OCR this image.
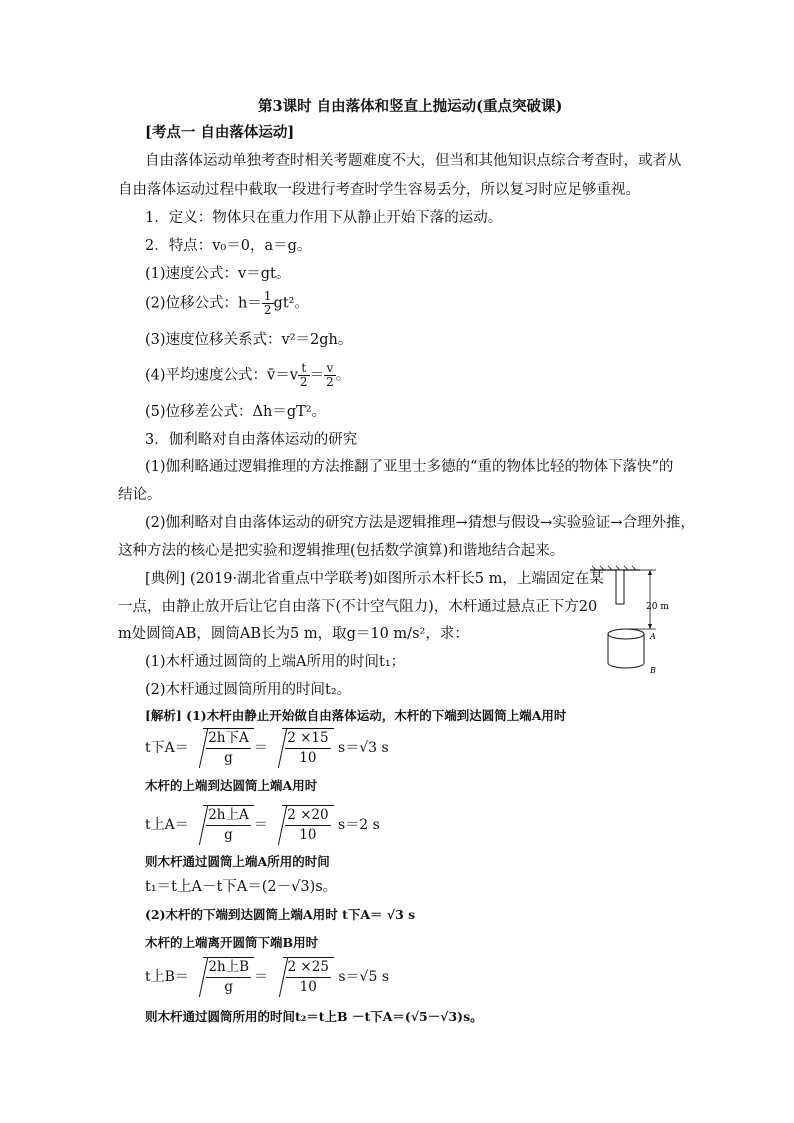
第3课时 自由落体和竖直上抛运动(重点突破课)
[考点一 自由落体运动]
自由落体运动单独考查时相关考题难度不大，但当和其他知识点综合考查时，或者从
自由落体运动过程中截取一段进行考查时学生容易丢分，所以复习时应足够重视。
1．定义：物体只在重力作用下从静止开始下落的运动。
2．特点：v₀＝0，a＝g。
(1)速度公式：v＝gt。
(2)位移公式：$h= \frac{1}{2} gt^2$。
(3)速度位移关系式：v²＝2gh。
(4)平均速度公式：v̄＝v $\frac{t}{2} = \frac{v}{2}$ 。
(5)位移差公式：Δh＝gT²。
3．伽利略对自由落体运动的研究
(1)伽利略通过逻辑推理的方法推翻了亚里士多德的“重的物体比轻的物体下落快”的
结论。
(2)伽利略对自由落体运动的研究方法是逻辑推理→猜想与假设→实验验证→合理外推，
这种方法的核心是把实验和逻辑推理(包括数学演算)和谐地结合起来。
[典例] (2019·湖北省重点中学联考)如图所示木杆长5 m，上端固定在某
一点，由静止放开后让它自由落下(不计空气阻力)，木杆通过悬点正下方20
m处圆筒AB，圆筒AB长为5 m，取g＝10 m/s²，求：
(1)木杆通过圆筒的上端A所用的时间t₁；
(2)木杆通过圆筒所用的时间t₂。
20 m
A
B
[解析] (1)木杆由静止开始做自由落体运动，木杆的下端到达圆筒上端A用时
t下$A= \frac{\text{2h下A}}{g} = \frac{2 \times 15}{10} s=√3$ s
木杆的上端到达圆筒上端A用时
t上$A= \frac{\text{2h上A}}{g} = \frac{2 \times 20}{10} s=2$ s
则木杆通过圆筒上端A所用的时间
t₁＝t上A－t下A＝(2－√3)s。
(2)木杆的下端到达圆筒上端A用时 t下A＝ √3 s
木杆的上端离开圆筒下端B用时
t上$B= \frac{\text{2h上B}}{g} = \frac{2 \times 25}{10} s=√5$ s
则木杆通过圆筒所用的时间t₂＝t上B －t下A＝(√5－√3)s。
